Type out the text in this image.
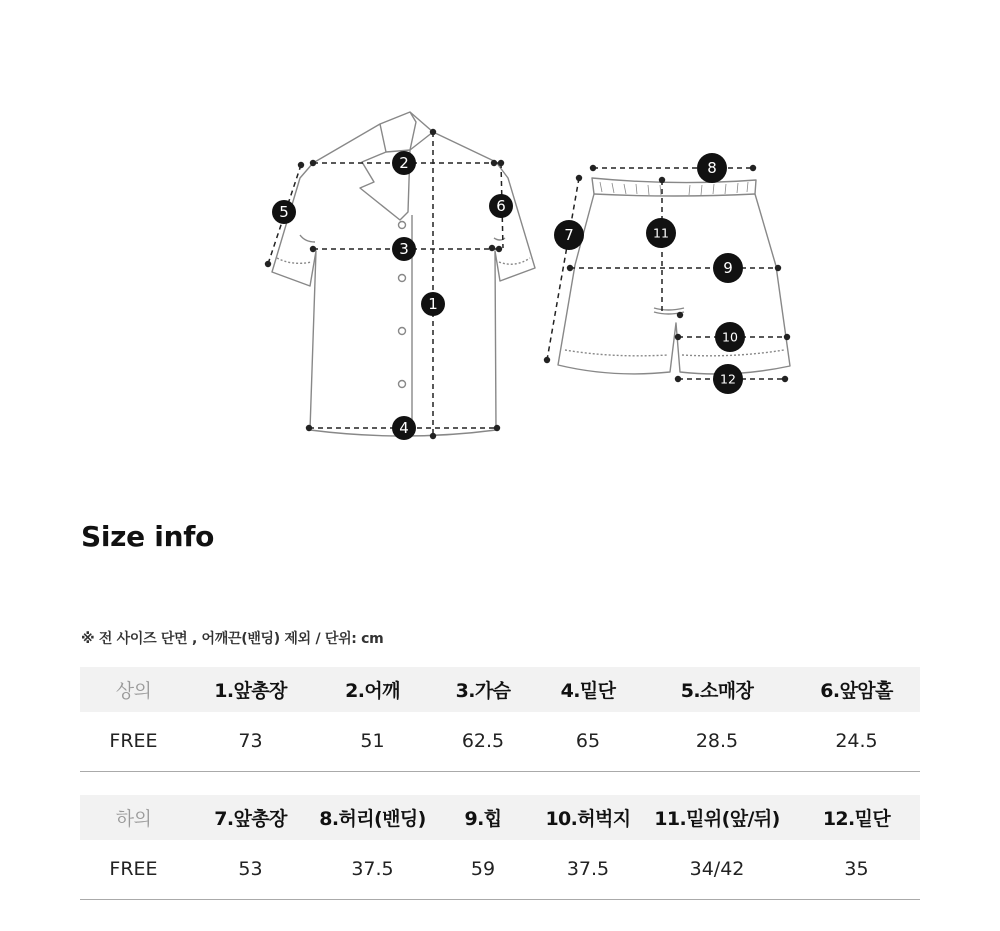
1
2
3
4
5	6
7
8
9
10
11
12
Size info
※ 전 사이즈 단면 , 어깨끈(밴딩) 제외 / 단위: cm
상의	1.앞총장	2.어깨	3.가슴	4.밑단	5.소매장	6.앞암홀
FREE	73	51	62.5	65	28.5	24.5
하의	7.앞총장	8.허리(밴딩)	9.힙	10.허벅지	11.밑위(앞/뒤)	12.밑단
FREE	53	37.5	59	37.5	34/42	35
